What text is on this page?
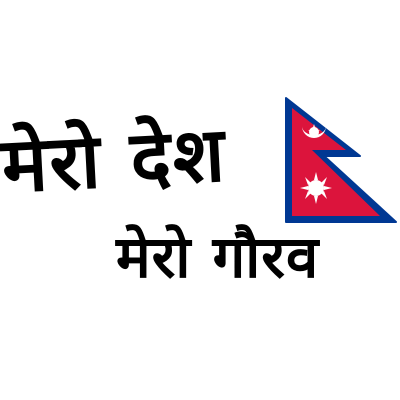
मेरो देश
मेरो गौरव
